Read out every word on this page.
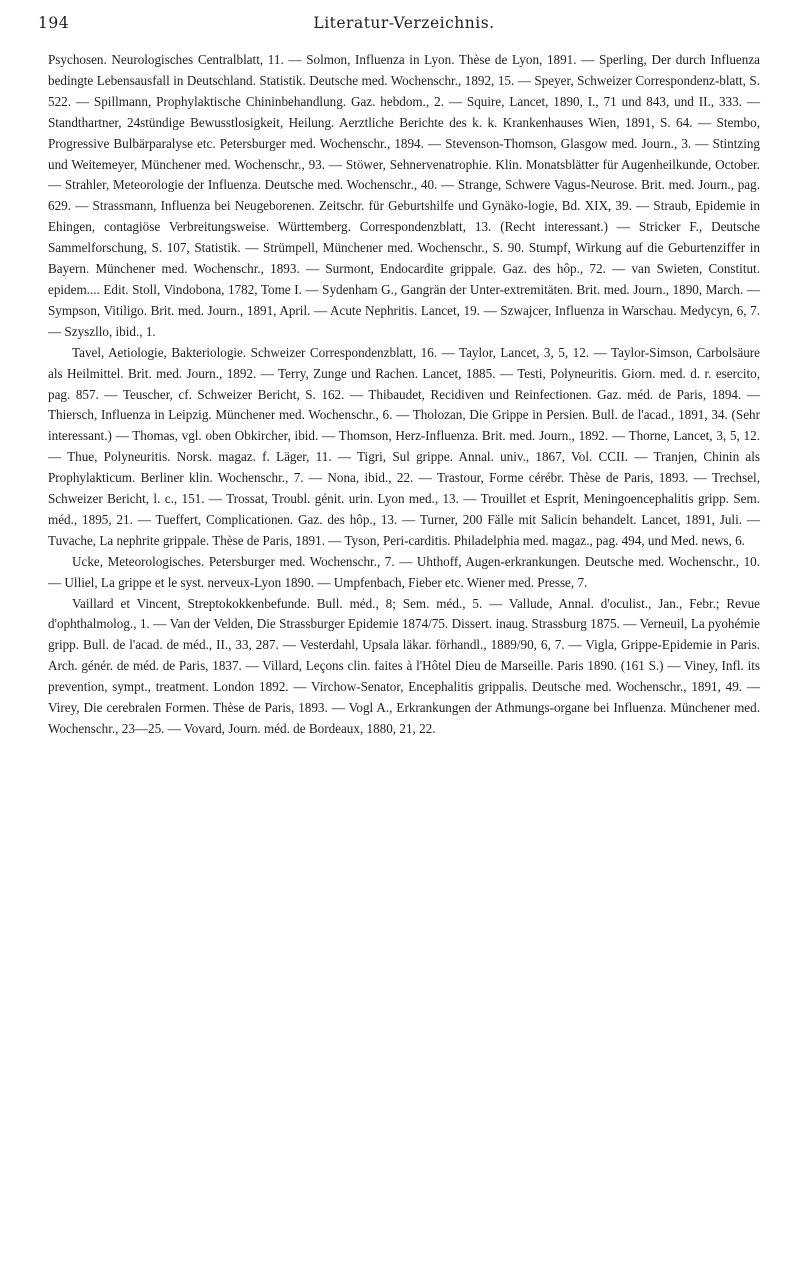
194	Literatur-Verzeichnis.

Psychosen. Neurologisches Centralblatt, 11. — Solmon, Influenza in Lyon. Thèse de Lyon, 1891. — Sperling, Der durch Influenza bedingte Lebensausfall in Deutschland. Statistik. Deutsche med. Wochenschr., 1892, 15. — Speyer, Schweizer Correspondenz-blatt, S. 522. — Spillmann, Prophylaktische Chininbehandlung. Gaz. hebdom., 2. — Squire, Lancet, 1890, I., 71 und 843, und II., 333. — Standthartner, 24stündige Bewusstlosigkeit, Heilung. Aerztliche Berichte des k. k. Krankenhauses Wien, 1891, S. 64. — Stembo, Progressive Bulbärparalyse etc. Petersburger med. Wochenschr., 1894. — Stevenson-Thomson, Glasgow med. Journ., 3. — Stintzing und Weitemeyer, Münchener med. Wochenschr., 93. — Stöwer, Sehnervenatrophie. Klin. Monatsblätter für Augenheilkunde, October. — Strahler, Meteorologie der Influenza. Deutsche med. Wochenschr., 40. — Strange, Schwere Vagus-Neurose. Brit. med. Journ., pag. 629. — Strassmann, Influenza bei Neugeborenen. Zeitschr. für Geburtshilfe und Gynäko-logie, Bd. XIX, 39. — Straub, Epidemie in Ehingen, contagiöse Verbreitungsweise. Württemberg. Correspondenzblatt, 13. (Recht interessant.) — Stricker F., Deutsche Sammelforschung, S. 107, Statistik. — Strümpell, Münchener med. Wochenschr., S. 90. Stumpf, Wirkung auf die Geburtenziffer in Bayern. Münchener med. Wochenschr., 1893. — Surmont, Endocardite grippale. Gaz. des hôp., 72. — van Swieten, Constitut. epidem.... Edit. Stoll, Vindobona, 1782, Tome I. — Sydenham G., Gangrän der Unter-extremitäten. Brit. med. Journ., 1890, March. — Sympson, Vitiligo. Brit. med. Journ., 1891, April. — Acute Nephritis. Lancet, 19. — Szwajcer, Influenza in Warschau. Medycyn, 6, 7. — Szyszllo, ibid., 1.

Tavel, Aetiologie, Bakteriologie. Schweizer Correspondenzblatt, 16. — Taylor, Lancet, 3, 5, 12. — Taylor-Simson, Carbolsäure als Heilmittel. Brit. med. Journ., 1892. — Terry, Zunge und Rachen. Lancet, 1885. — Testi, Polyneuritis. Giorn. med. d. r. esercito, pag. 857. — Teuscher, cf. Schweizer Bericht, S. 162. — Thibaudet, Recidiven und Reinfectionen. Gaz. méd. de Paris, 1894. — Thiersch, Influenza in Leipzig. Münchener med. Wochenschr., 6. — Tholozan, Die Grippe in Persien. Bull. de l'acad., 1891, 34. (Sehr interessant.) — Thomas, vgl. oben Obkircher, ibid. — Thomson, Herz-Influenza. Brit. med. Journ., 1892. — Thorne, Lancet, 3, 5, 12. — Thue, Polyneuritis. Norsk. magaz. f. Läger, 11. — Tigri, Sul grippe. Annal. univ., 1867, Vol. CCII. — Tranjen, Chinin als Prophylakticum. Berliner klin. Wochenschr., 7. — Nona, ibid., 22. — Trastour, Forme cérébr. Thèse de Paris, 1893. — Trechsel, Schweizer Bericht, l. c., 151. — Trossat, Troubl. génit. urin. Lyon med., 13. — Trouillet et Esprit, Meningoencephalitis gripp. Sem. méd., 1895, 21. — Tueffert, Complicationen. Gaz. des hôp., 13. — Turner, 200 Fälle mit Salicin behandelt. Lancet, 1891, Juli. — Tuvache, La nephrite grippale. Thèse de Paris, 1891. — Tyson, Peri-carditis. Philadelphia med. magaz., pag. 494, und Med. news, 6.

Ucke, Meteorologisches. Petersburger med. Wochenschr., 7. — Uhthoff, Augen-erkrankungen. Deutsche med. Wochenschr., 10. — Ulliel, La grippe et le syst. nerveux-Lyon 1890. — Umpfenbach, Fieber etc. Wiener med. Presse, 7.

Vaillard et Vincent, Streptokokkenbefunde. Bull. méd., 8; Sem. méd., 5. — Vallude, Annal. d'oculist., Jan., Febr.; Revue d'ophthalmolog., 1. — Van der Velden, Die Strassburger Epidemie 1874/75. Dissert. inaug. Strassburg 1875. — Verneuil, La pyohémie gripp. Bull. de l'acad. de méd., II., 33, 287. — Vesterdahl, Upsala läkar. förhandl., 1889/90, 6, 7. — Vigla, Grippe-Epidemie in Paris. Arch. génér. de méd. de Paris, 1837. — Villard, Leçons clin. faites à l'Hôtel Dieu de Marseille. Paris 1890. (161 S.) — Viney, Infl. its prevention, sympt., treatment. London 1892. — Virchow-Senator, Encephalitis grippalis. Deutsche med. Wochenschr., 1891, 49. — Virey, Die cerebralen Formen. Thèse de Paris, 1893. — Vogl A., Erkrankungen der Athmungs-organe bei Influenza. Münchener med. Wochenschr., 23—25. — Vovard, Journ. méd. de Bordeaux, 1880, 21, 22.
